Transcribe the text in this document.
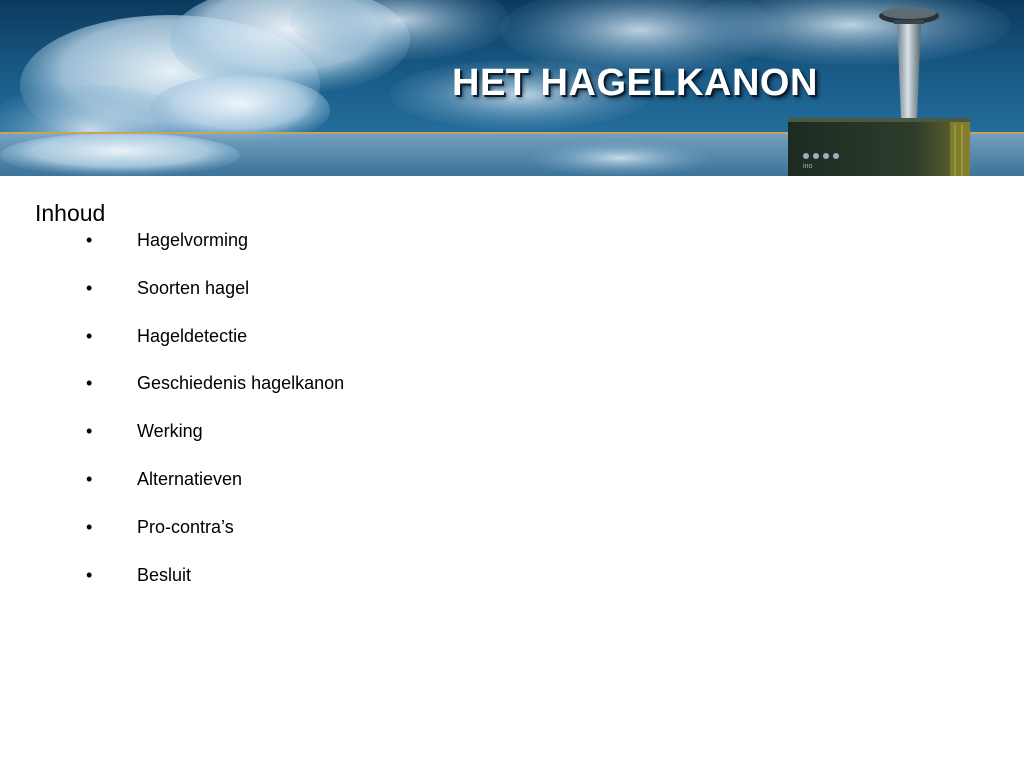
ino
HET HAGELKANON
Inhoud
• Hagelvorming
• Soorten hagel
• Hageldetectie
• Geschiedenis hagelkanon
• Werking
• Alternatieven
• Pro-contra’s
• Besluit
